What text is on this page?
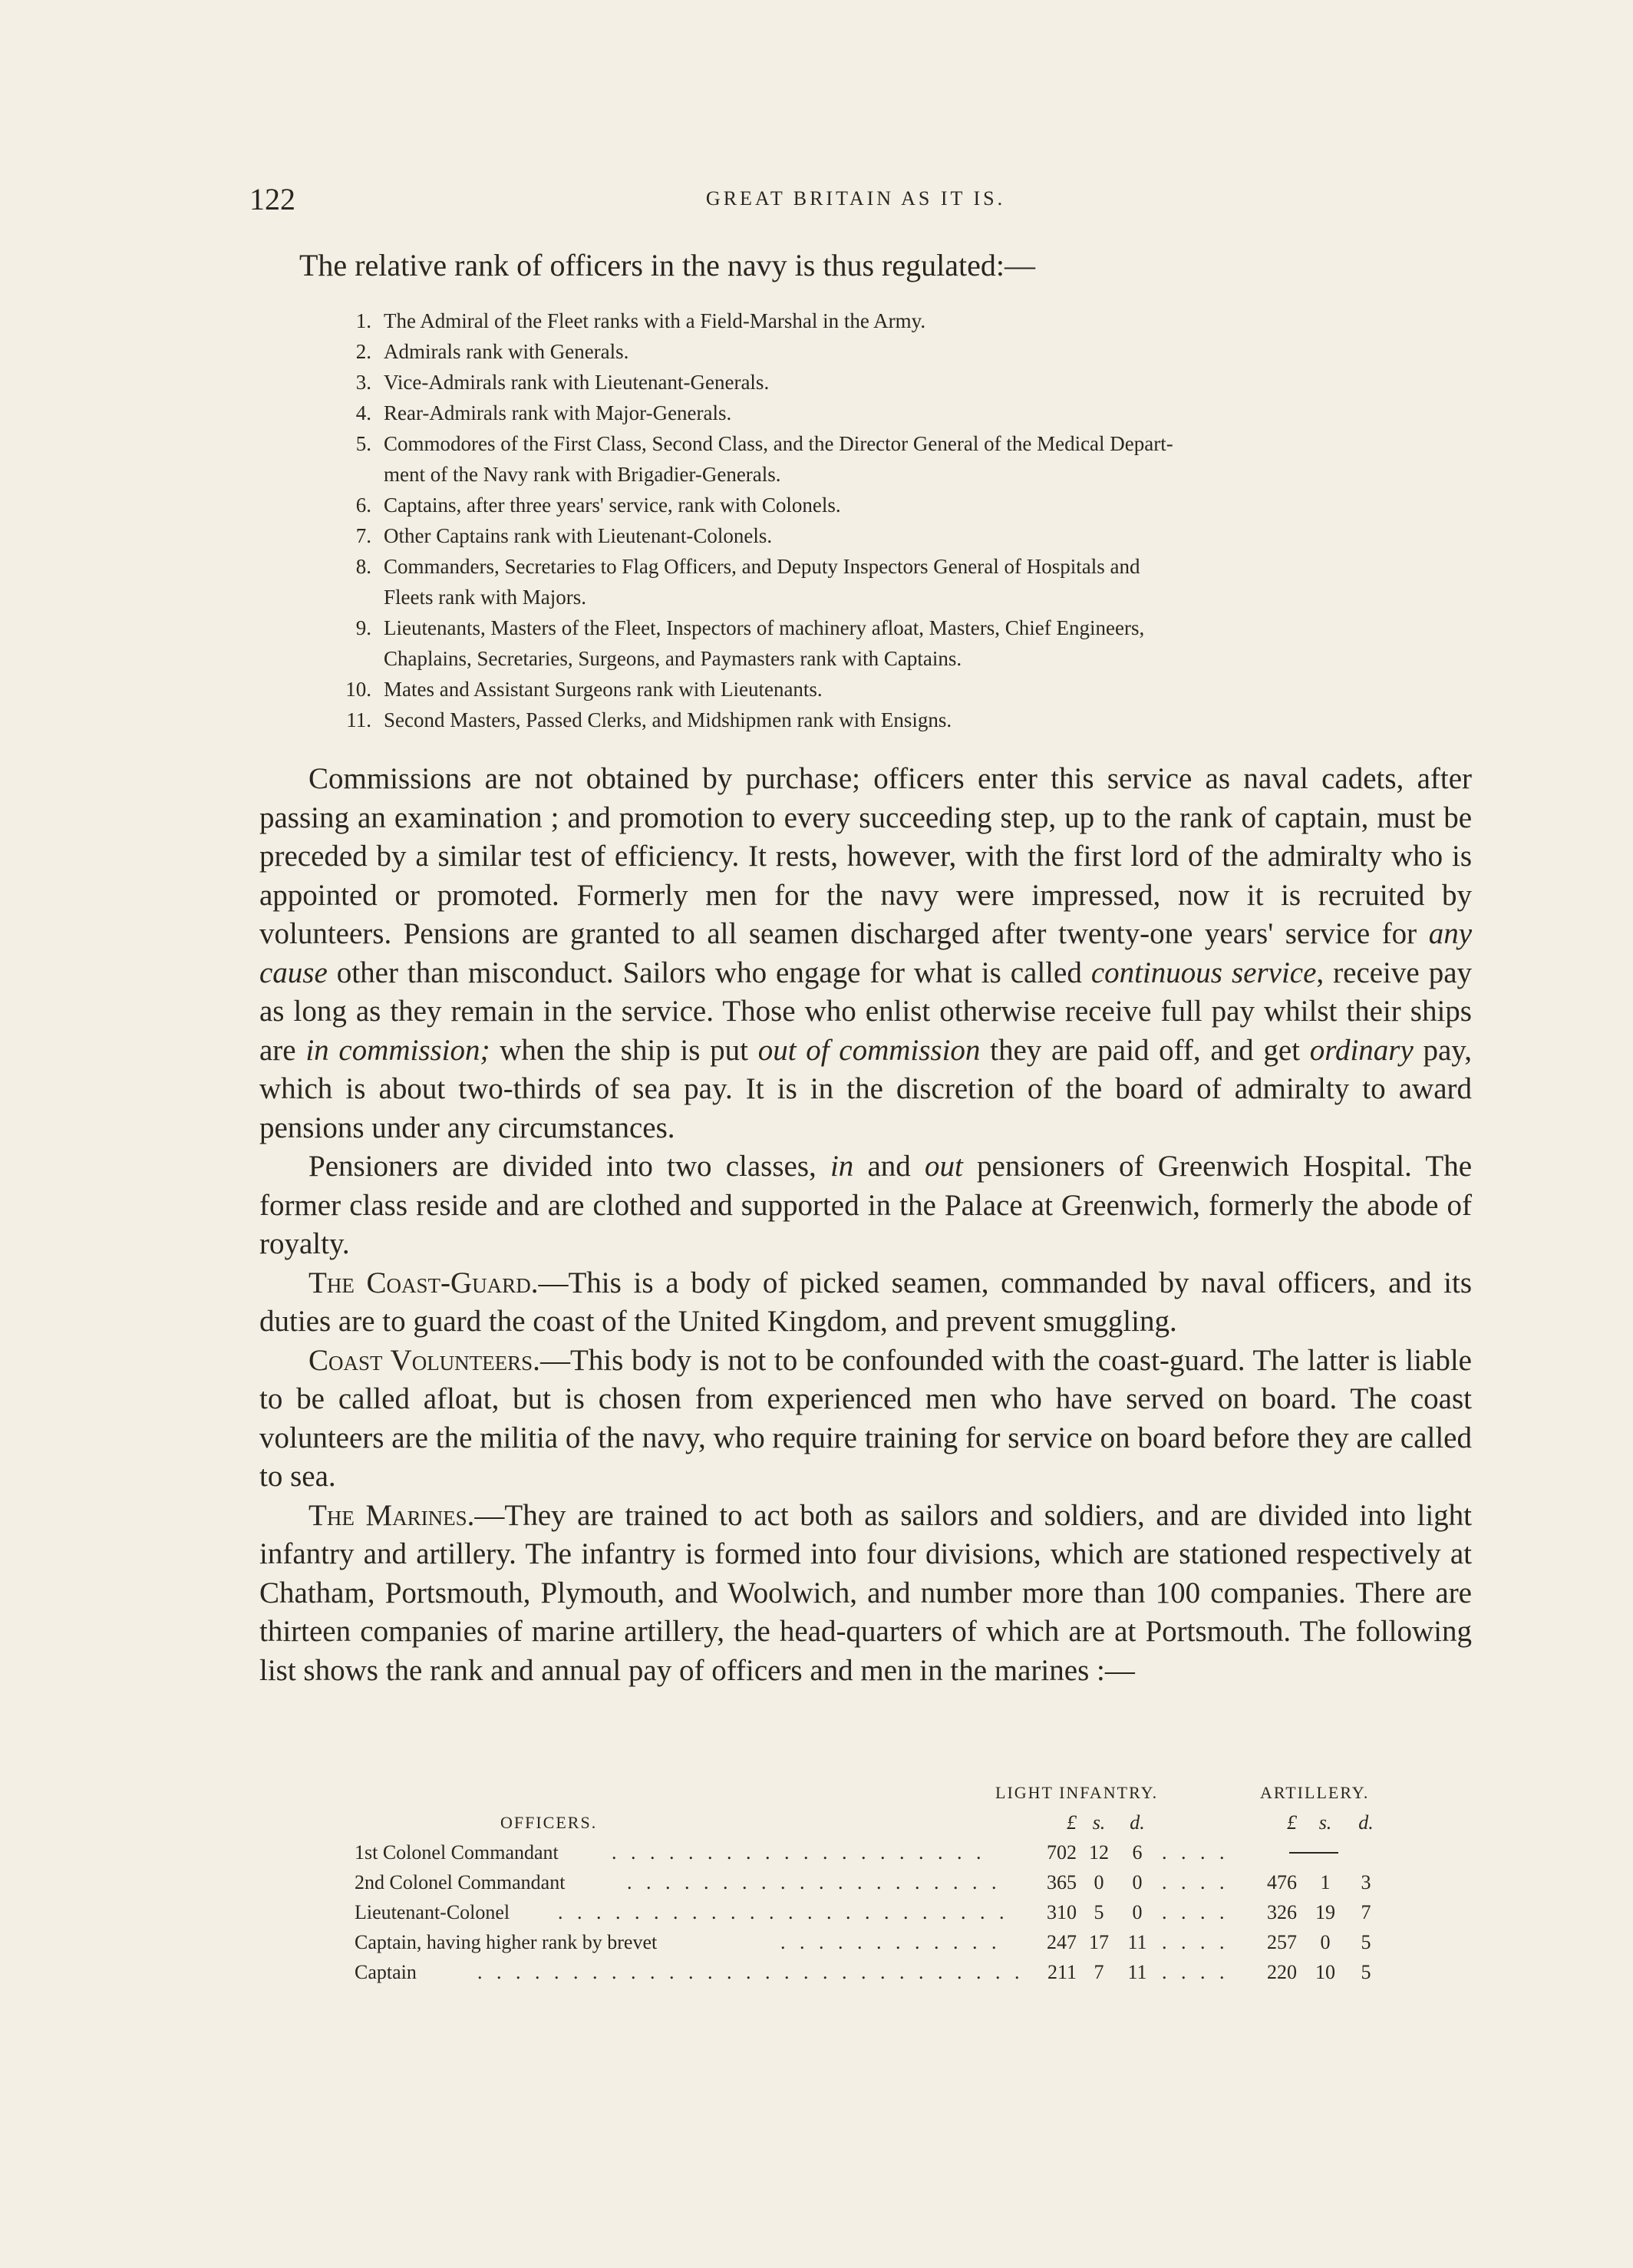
122	GREAT BRITAIN AS IT IS.
The relative rank of officers in the navy is thus regulated:—
1. The Admiral of the Fleet ranks with a Field-Marshal in the Army.
2. Admirals rank with Generals.
3. Vice-Admirals rank with Lieutenant-Generals.
4. Rear-Admirals rank with Major-Generals.
5. Commodores of the First Class, Second Class, and the Director General of the Medical Depart-
ment of the Navy rank with Brigadier-Generals.
6. Captains, after three years' service, rank with Colonels.
7. Other Captains rank with Lieutenant-Colonels.
8. Commanders, Secretaries to Flag Officers, and Deputy Inspectors General of Hospitals and
Fleets rank with Majors.
9. Lieutenants, Masters of the Fleet, Inspectors of machinery afloat, Masters, Chief Engineers,
Chaplains, Secretaries, Surgeons, and Paymasters rank with Captains.
10. Mates and Assistant Surgeons rank with Lieutenants.
11. Second Masters, Passed Clerks, and Midshipmen rank with Ensigns.

Commissions are not obtained by purchase; officers enter this service as naval cadets, after passing an examination ; and promotion to every succeeding step, up to the rank of captain, must be preceded by a similar test of efficiency. It rests, however, with the first lord of the admiralty who is appointed or promoted. Formerly men for the navy were impressed, now it is recruited by volunteers. Pensions are granted to all seamen discharged after twenty-one years' service for any cause other than misconduct. Sailors who engage for what is called continuous service, receive pay as long as they remain in the service. Those who enlist otherwise receive full pay whilst their ships are in commission; when the ship is put out of commission they are paid off, and get ordinary pay, which is about two-thirds of sea pay. It is in the discretion of the board of admiralty to award pensions under any circumstances.

Pensioners are divided into two classes, in and out pensioners of Greenwich Hospital. The former class reside and are clothed and supported in the Palace at Greenwich, formerly the abode of royalty.

The Coast-Guard.—This is a body of picked seamen, commanded by naval officers, and its duties are to guard the coast of the United Kingdom, and prevent smuggling.

Coast Volunteers.—This body is not to be confounded with the coast-guard. The latter is liable to be called afloat, but is chosen from experienced men who have served on board. The coast volunteers are the militia of the navy, who require training for service on board before they are called to sea.

The Marines.—They are trained to act both as sailors and soldiers, and are divided into light infantry and artillery. The infantry is formed into four divisions, which are stationed respectively at Chatham, Portsmouth, Plymouth, and Woolwich, and number more than 100 companies. There are thirteen companies of marine artillery, the head-quarters of which are at Portsmouth. The following list shows the rank and annual pay of officers and men in the marines :—

LIGHT INFANTRY.	ARTILLERY.
OFFICERS.	£ s.	d.	£	s.	d.
1st Colonel Commandant	. . . . . . . . . . . . . . . . . . . .	702 12	6 . . . .
2nd Colonel Commandant	. . . . . . . . . . . . . . . . . . . .	365 0	0 . . . .	476	1	3
Lieutenant-Colonel . . . . . . . . . . . . . . . . . . . . . . . .	310 5	0 . . . .	326 19	7
Captain, having higher rank by brevet	. . . . . . . . . . . .	247 17 11 . . . .	257	0	5
Captain	. . . . . . . . . . . . . . . . . . . . . . . . . . . . .	211 7	11 . . . .	220 10	5
